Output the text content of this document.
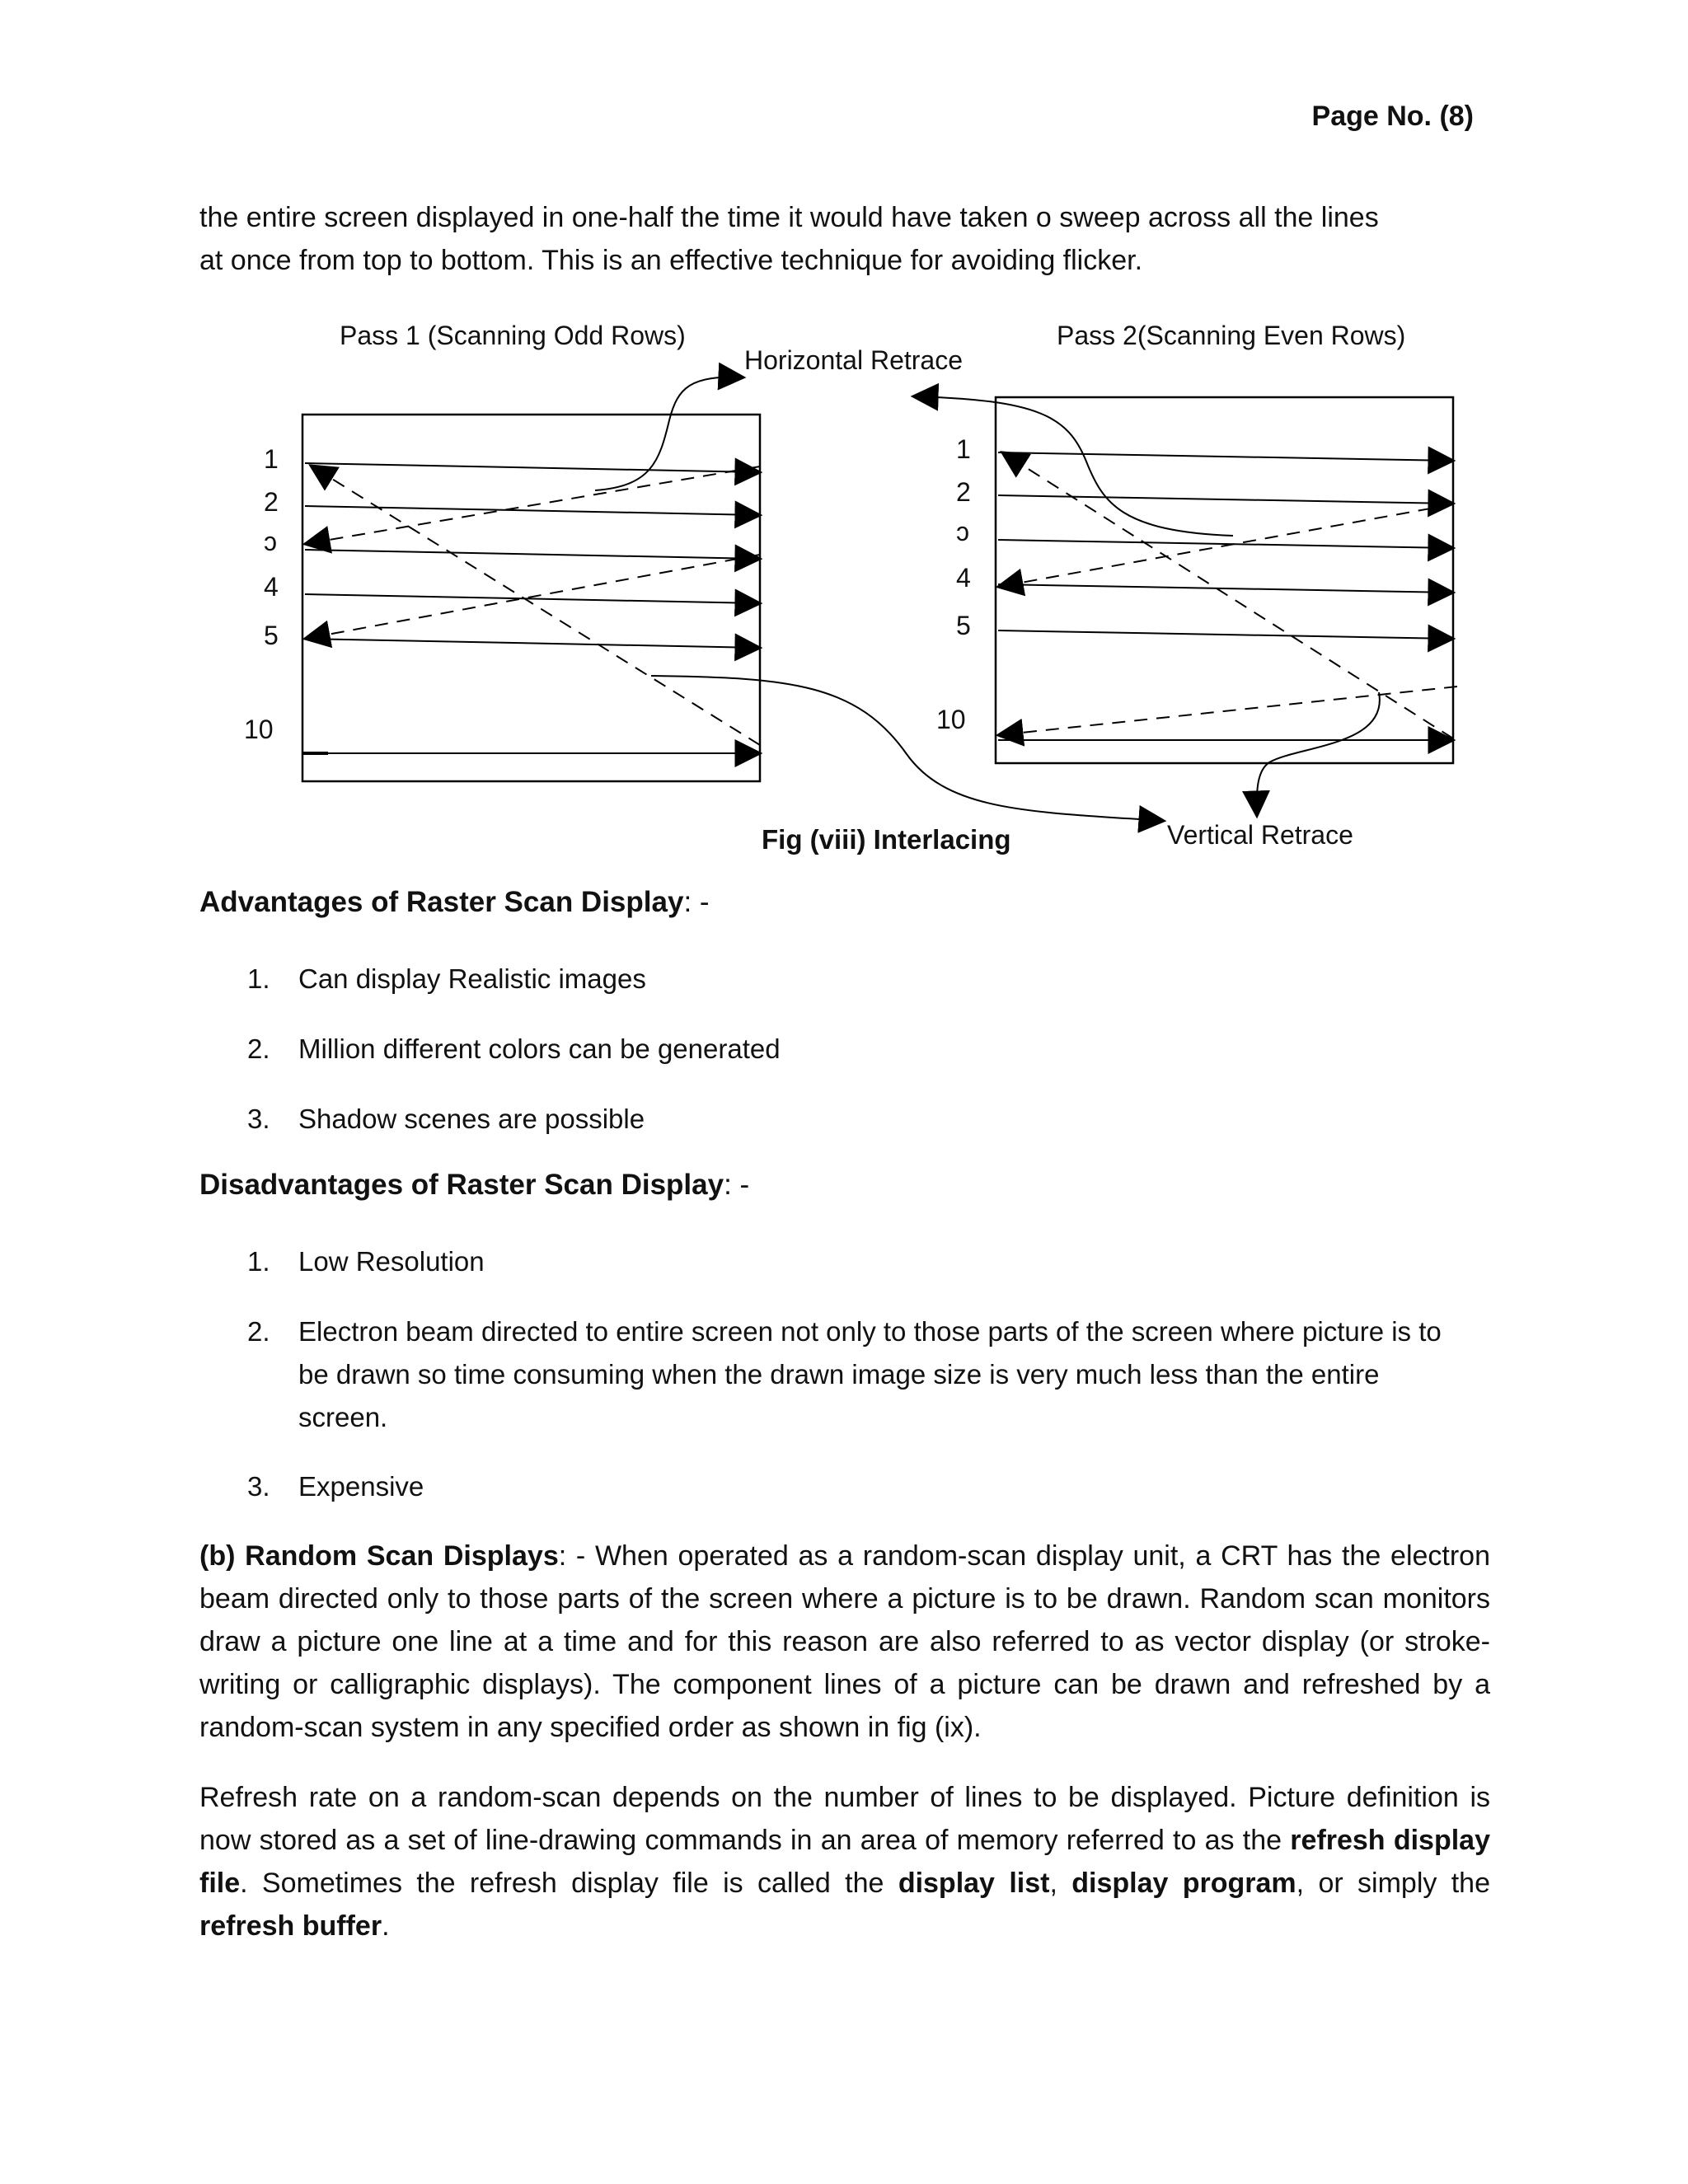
Page No. (8)

the entire screen displayed in one-half the time it would have taken o sweep across all the lines
at once from top to bottom. This is an effective technique for avoiding flicker.

Pass 1 (Scanning Odd Rows)	Pass 2(Scanning Even Rows)
Horizontal Retrace
Vertical Retrace
Fig (viii) Interlacing
1
2
ɔ
4
5
10
1
2
ɔ
4
5
10

Advantages of Raster Scan Display: -

1. Can display Realistic images
2. Million different colors can be generated
3. Shadow scenes are possible

Disadvantages of Raster Scan Display: -

1. Low Resolution
2. Electron beam directed to entire screen not only to those parts of the screen where picture is to be drawn so time consuming when the drawn image size is very much less than the entire screen.
3. Expensive

(b) Random Scan Displays: - When operated as a random-scan display unit, a CRT has the electron beam directed only to those parts of the screen where a picture is to be drawn. Random scan monitors draw a picture one line at a time and for this reason are also referred to as vector display (or stroke-writing or calligraphic displays). The component lines of a picture can be drawn and refreshed by a random-scan system in any specified order as shown in fig (ix).

Refresh rate on a random-scan depends on the number of lines to be displayed. Picture definition is now stored as a set of line-drawing commands in an area of memory referred to as the refresh display file. Sometimes the refresh display file is called the display list, display program, or simply the refresh buffer.
